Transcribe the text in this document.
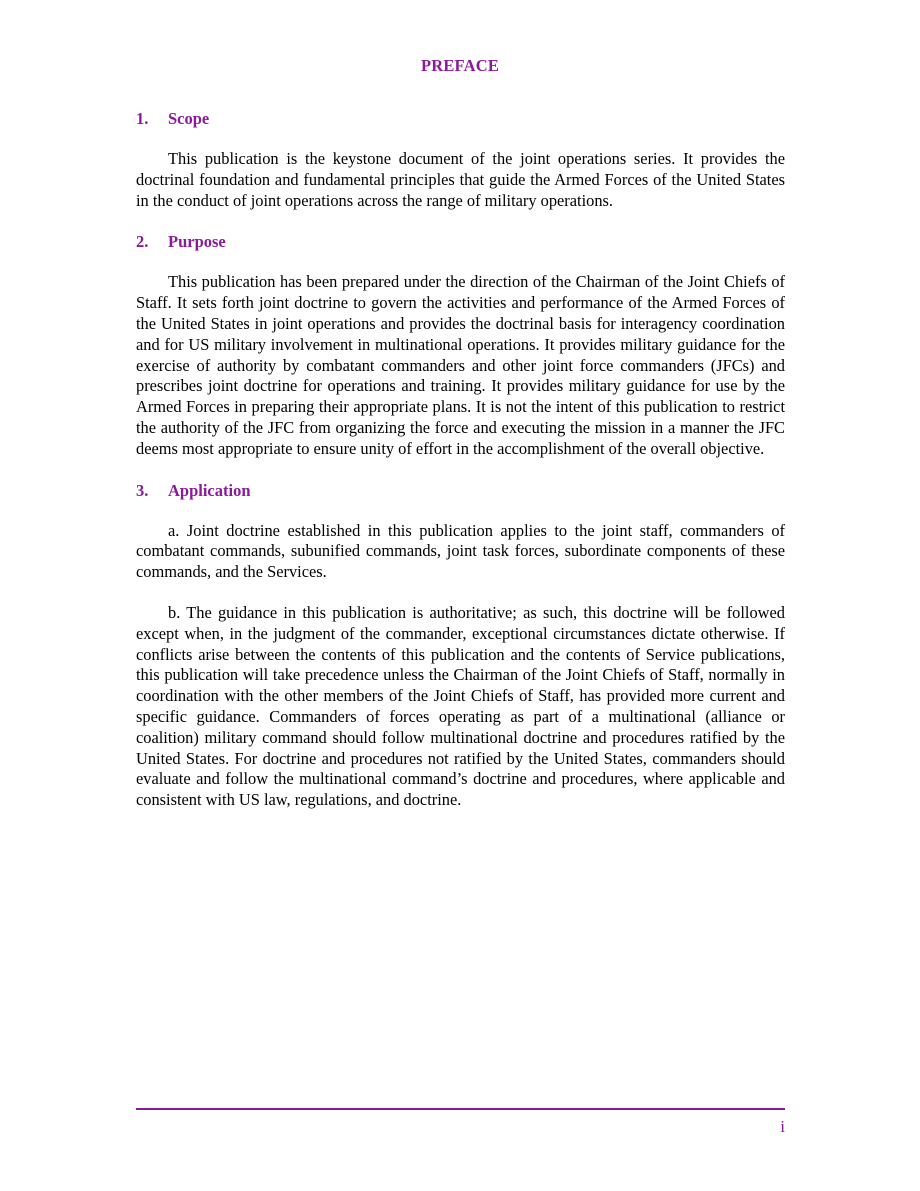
PREFACE
1.	Scope

This publication is the keystone document of the joint operations series. It provides the doctrinal foundation and fundamental principles that guide the Armed Forces of the United States in the conduct of joint operations across the range of military operations.

2.	Purpose

This publication has been prepared under the direction of the Chairman of the Joint Chiefs of Staff. It sets forth joint doctrine to govern the activities and performance of the Armed Forces of the United States in joint operations and provides the doctrinal basis for interagency coordination and for US military involvement in multinational operations. It provides military guidance for the exercise of authority by combatant commanders and other joint force commanders (JFCs) and prescribes joint doctrine for operations and training. It provides military guidance for use by the Armed Forces in preparing their appropriate plans. It is not the intent of this publication to restrict the authority of the JFC from organizing the force and executing the mission in a manner the JFC deems most appropriate to ensure unity of effort in the accomplishment of the overall objective.

3.	Application

a. Joint doctrine established in this publication applies to the joint staff, commanders of combatant commands, subunified commands, joint task forces, subordinate components of these commands, and the Services.

b. The guidance in this publication is authoritative; as such, this doctrine will be followed except when, in the judgment of the commander, exceptional circumstances dictate otherwise. If conflicts arise between the contents of this publication and the contents of Service publications, this publication will take precedence unless the Chairman of the Joint Chiefs of Staff, normally in coordination with the other members of the Joint Chiefs of Staff, has provided more current and specific guidance. Commanders of forces operating as part of a multinational (alliance or coalition) military command should follow multinational doctrine and procedures ratified by the United States. For doctrine and procedures not ratified by the United States, commanders should evaluate and follow the multinational command’s doctrine and procedures, where applicable and consistent with US law, regulations, and doctrine.

i
